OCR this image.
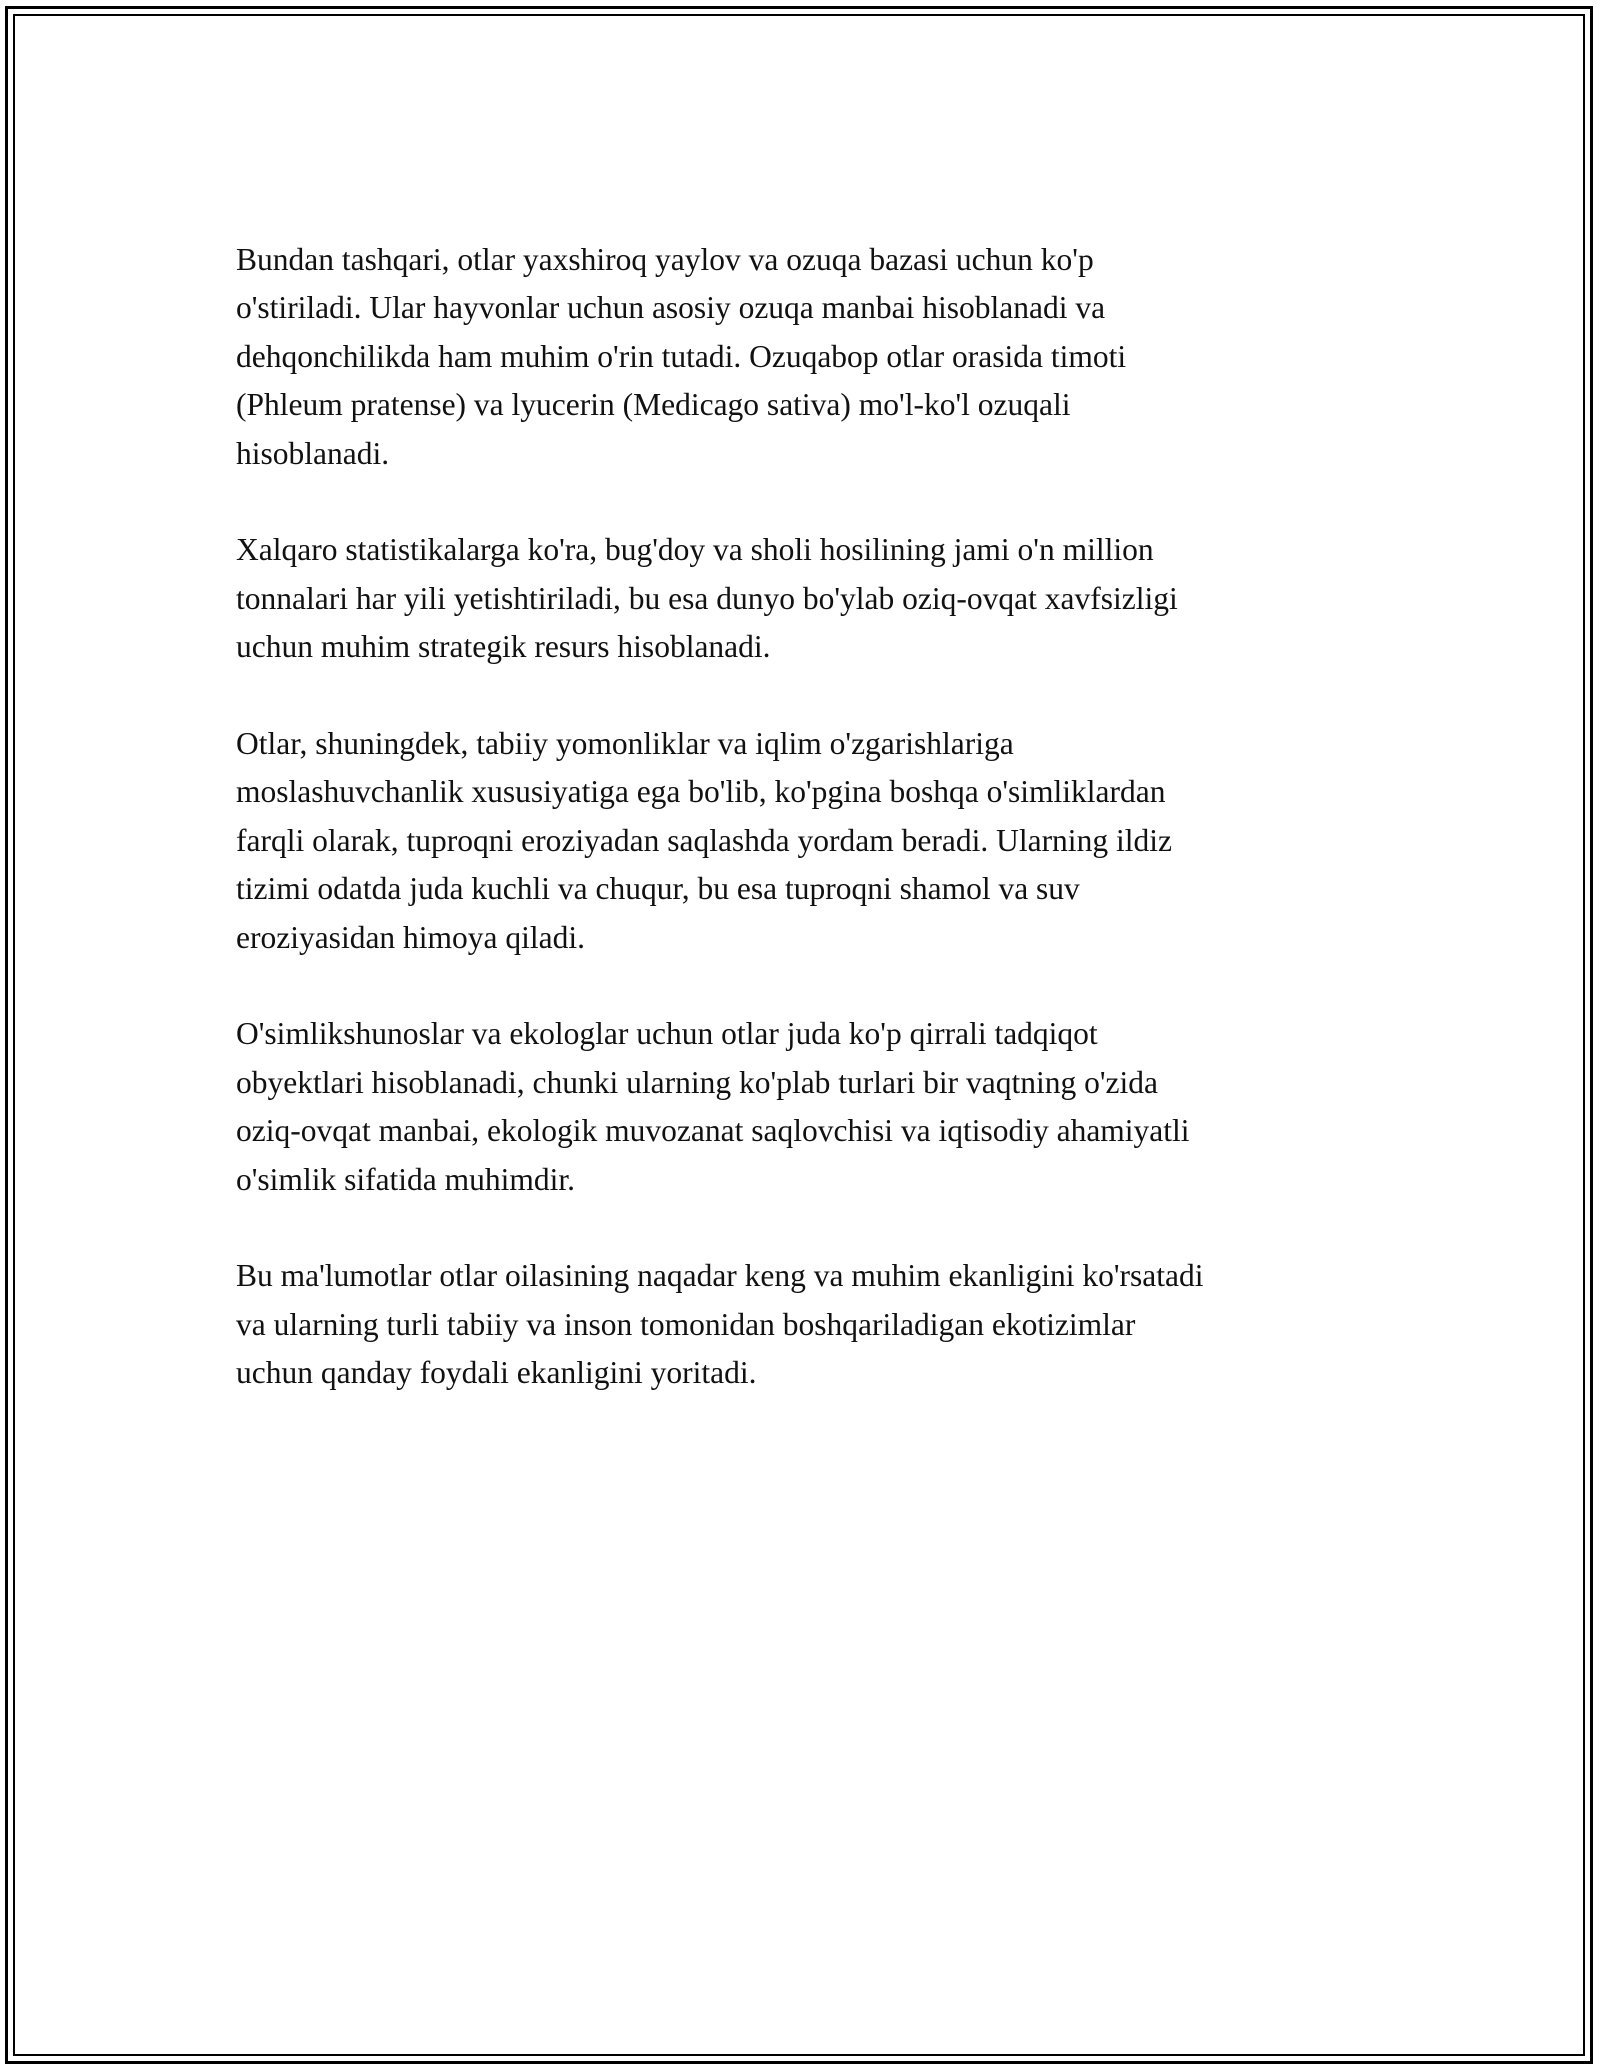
Bundan tashqari, otlar yaxshiroq yaylov va ozuqa bazasi uchun ko'p
o'stiriladi. Ular hayvonlar uchun asosiy ozuqa manbai hisoblanadi va
dehqonchilikda ham muhim o'rin tutadi. Ozuqabop otlar orasida timoti
(Phleum pratense) va lyucerin (Medicago sativa) mo'l-ko'l ozuqali
hisoblanadi.

Xalqaro statistikalarga ko'ra, bug'doy va sholi hosilining jami o'n million
tonnalari har yili yetishtiriladi, bu esa dunyo bo'ylab oziq-ovqat xavfsizligi
uchun muhim strategik resurs hisoblanadi.

Otlar, shuningdek, tabiiy yomonliklar va iqlim o'zgarishlariga
moslashuvchanlik xususiyatiga ega bo'lib, ko'pgina boshqa o'simliklardan
farqli olarak, tuproqni eroziyadan saqlashda yordam beradi. Ularning ildiz
tizimi odatda juda kuchli va chuqur, bu esa tuproqni shamol va suv
eroziyasidan himoya qiladi.

O'simlikshunoslar va ekologlar uchun otlar juda ko'p qirrali tadqiqot
obyektlari hisoblanadi, chunki ularning ko'plab turlari bir vaqtning o'zida
oziq-ovqat manbai, ekologik muvozanat saqlovchisi va iqtisodiy ahamiyatli
o'simlik sifatida muhimdir.

Bu ma'lumotlar otlar oilasining naqadar keng va muhim ekanligini ko'rsatadi
va ularning turli tabiiy va inson tomonidan boshqariladigan ekotizimlar
uchun qanday foydali ekanligini yoritadi.
